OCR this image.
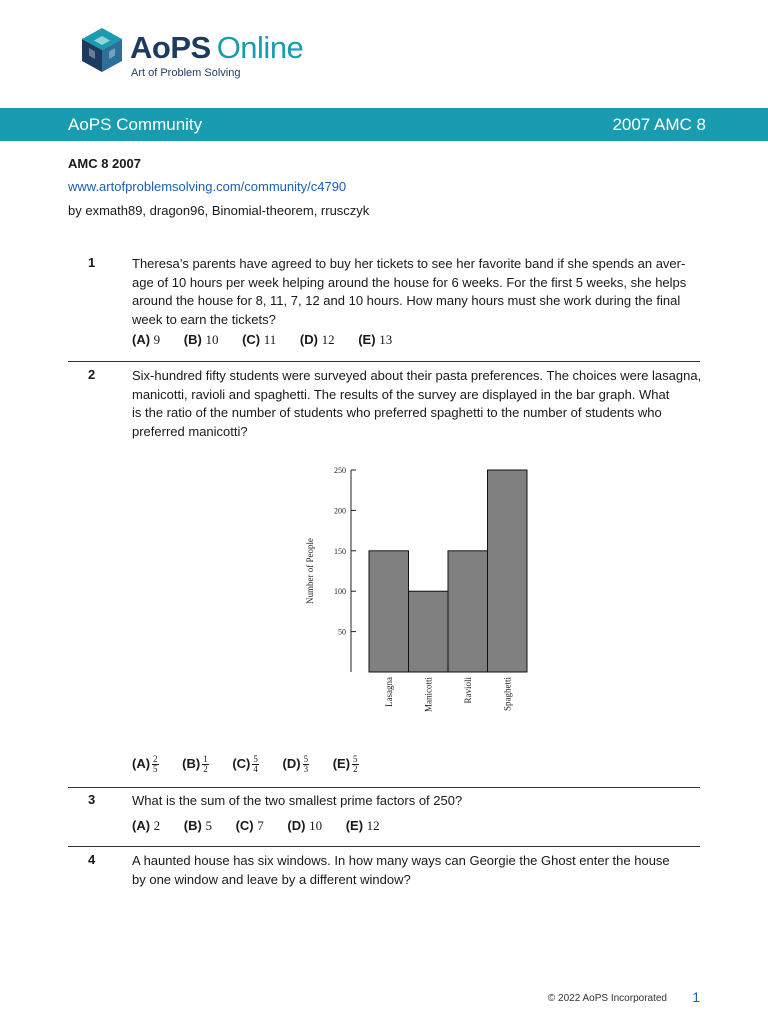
AoPS Online
Art of Problem Solving
AoPS Community	2007 AMC 8
AMC 8 2007
www.artofproblemsolving.com/community/c4790
by exmath89, dragon96, Binomial-theorem, rrusczyk
1	Theresa’s parents have agreed to buy her tickets to see her favorite band if she spends an aver-
age of 10 hours per week helping around the house for 6 weeks. For the first 5 weeks, she helps
around the house for 8, 11, 7, 12 and 10 hours. How many hours must she work during the final
week to earn the tickets?
(A) 9 (B) 10 (C) 11 (D) 12 (E) 13
2	Six-hundred fifty students were surveyed about their pasta preferences. The choices were lasagna,
manicotti, ravioli and spaghetti. The results of the survey are displayed in the bar graph. What
is the ratio of the number of students who preferred spaghetti to the number of students who
preferred manicotti?
$(A) \frac{2}{5} (B) \frac{1}{2} (C) \frac{5}{4} (D) \frac{5}{3} (E) \frac{5}{2}$
50
100
150
200
250
Number of People
Lasagna	Manicotti	Ravioli	Spaghetti
3	What is the sum of the two smallest prime factors of 250?
(A) 2 (B) 5 (C) 7 (D) 10 (E) 12
4	A haunted house has six windows. In how many ways can Georgie the Ghost enter the house
by one window and leave by a different window?
© 2022 AoPS Incorporated 1
